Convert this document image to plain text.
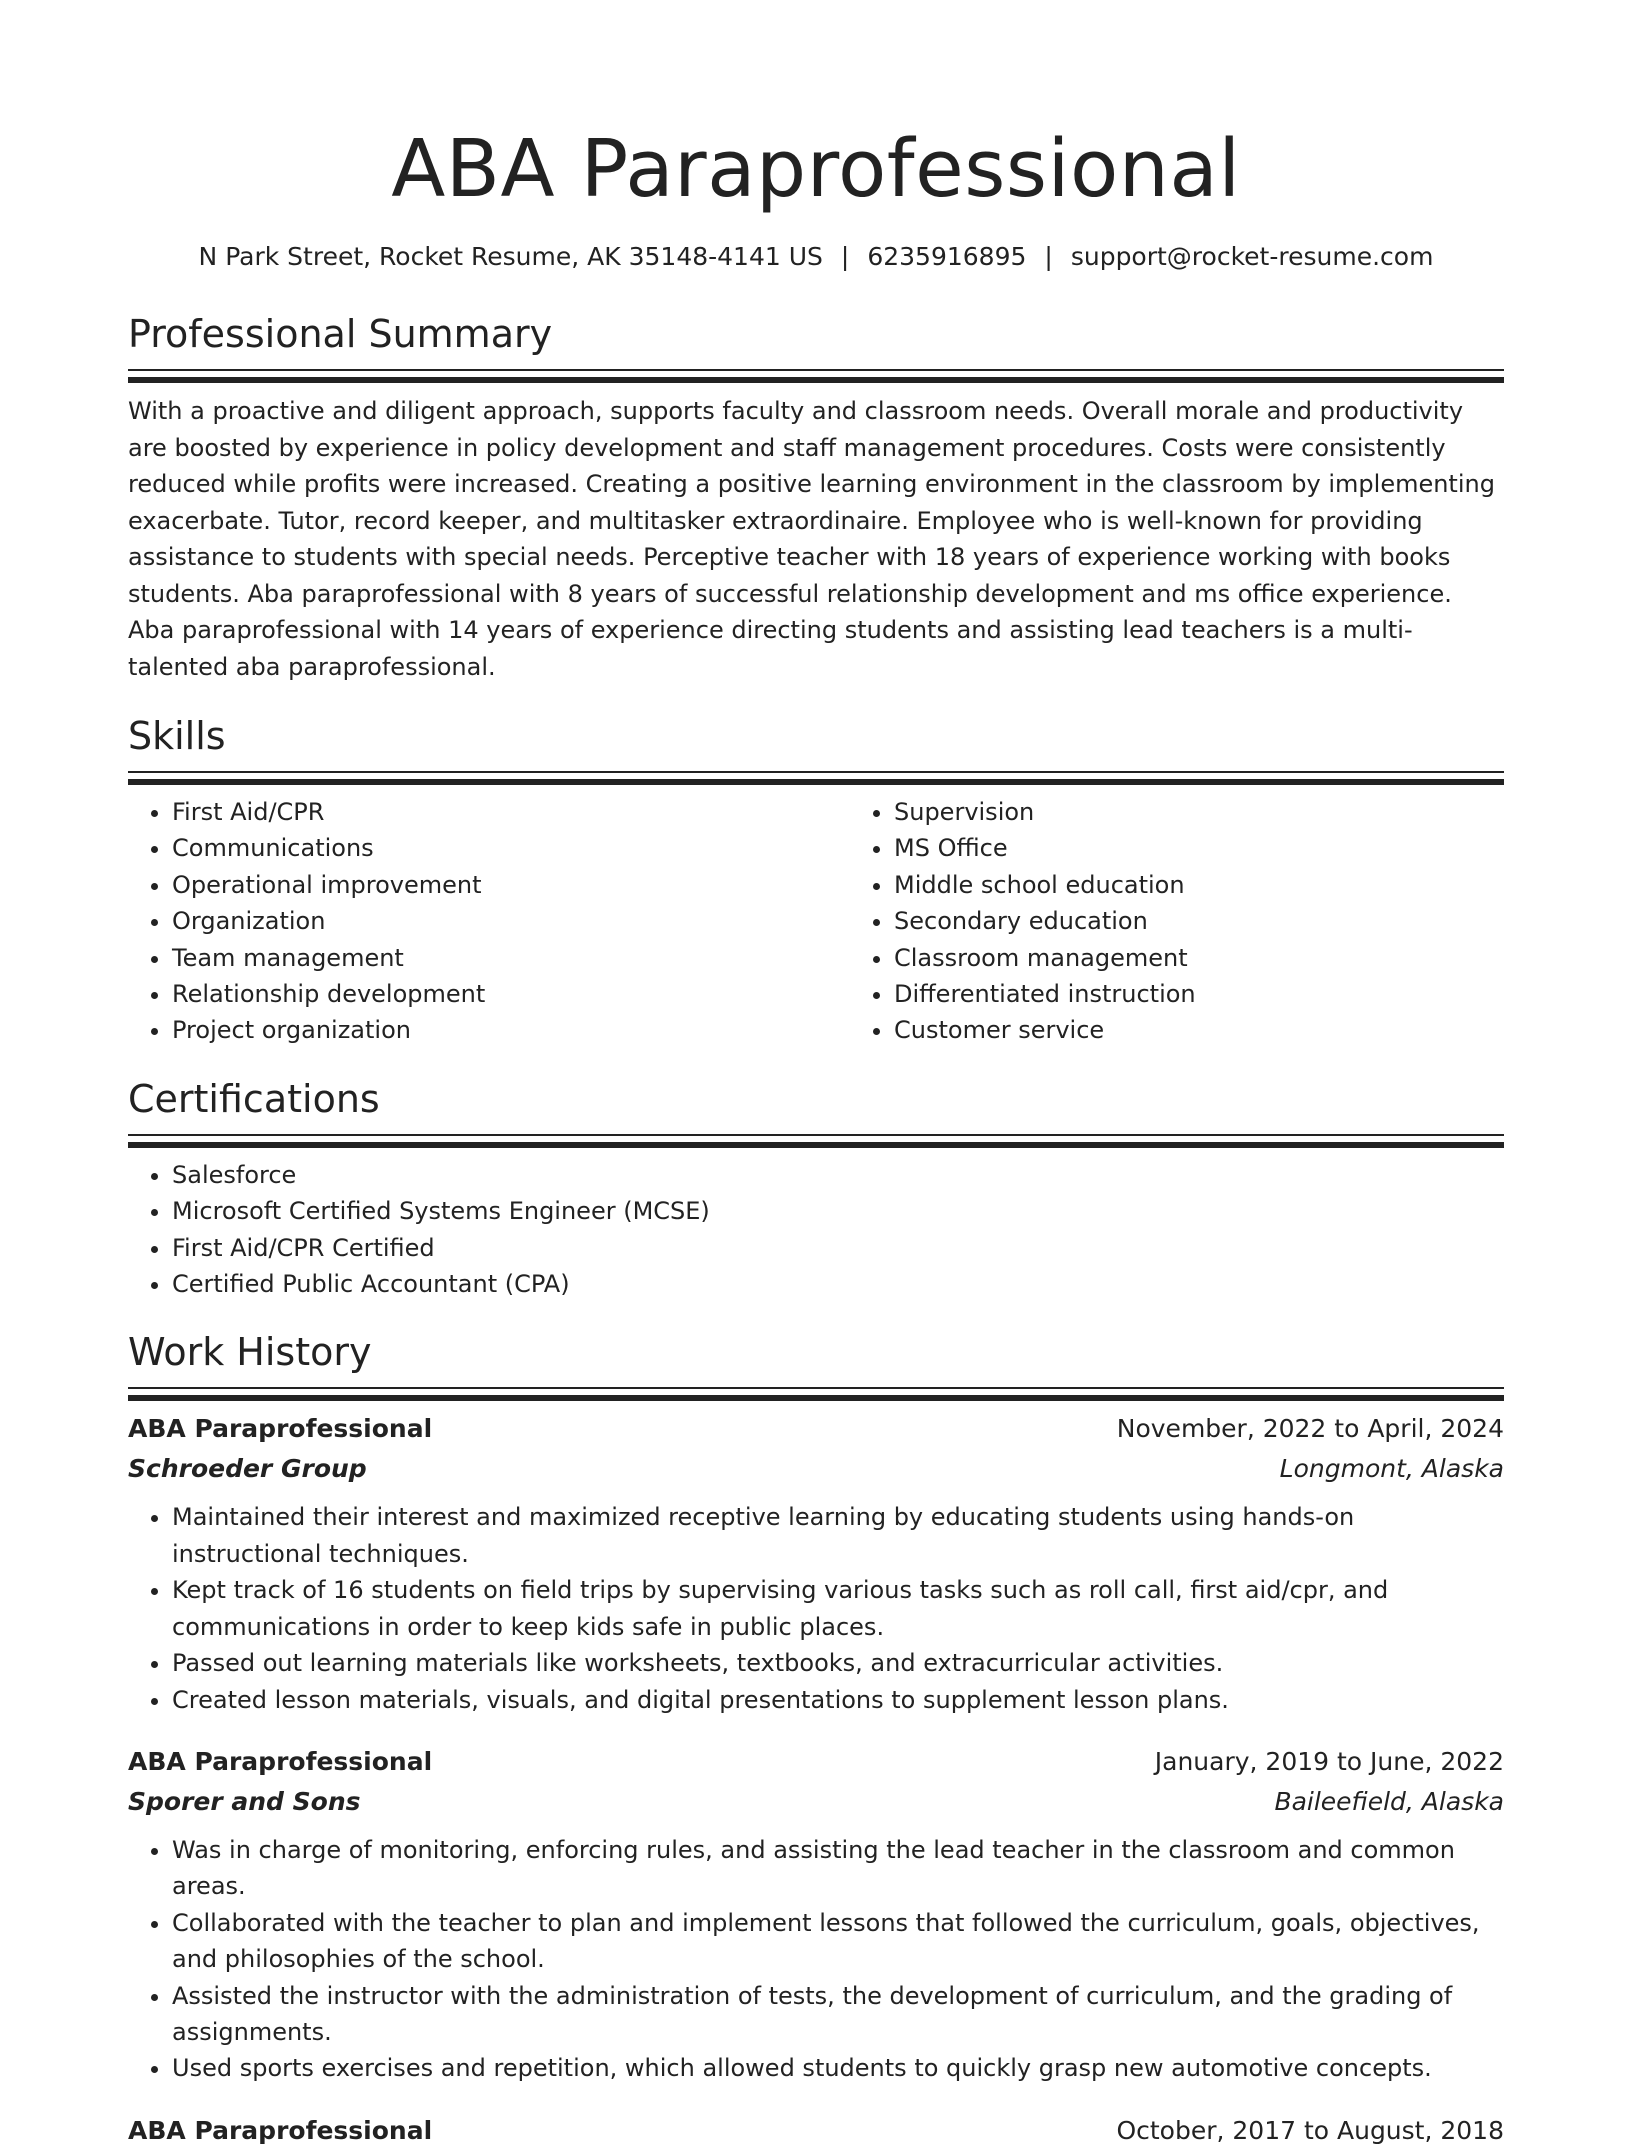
ABA Paraprofessional
N Park Street, Rocket Resume, AK 35148-4141 US | 6235916895 | support@rocket-resume.com
Professional Summary

With a proactive and diligent approach, supports faculty and classroom needs. Overall morale and productivity are boosted by experience in policy development and staff management procedures. Costs were consistently reduced while profits were increased. Creating a positive learning environment in the classroom by implementing exacerbate. Tutor, record keeper, and multitasker extraordinaire. Employee who is well-known for providing assistance to students with special needs. Perceptive teacher with 18 years of experience working with books students. Aba paraprofessional with 8 years of successful relationship development and ms office experience. Aba paraprofessional with 14 years of experience directing students and assisting lead teachers is a multi-talented aba paraprofessional.

Skills
• First Aid/CPR
• Communications
• Operational improvement
• Organization
• Team management
• Relationship development
• Project organization
• Supervision
• MS Office
• Middle school education
• Secondary education
• Classroom management
• Differentiated instruction
• Customer service
Certifications
• Salesforce
• Microsoft Certified Systems Engineer (MCSE)
• First Aid/CPR Certified
• Certified Public Accountant (CPA)
Work History
ABA Paraprofessional	November, 2022 to April, 2024
Schroeder Group	Longmont, Alaska
• Maintained their interest and maximized receptive learning by educating students using hands-on instructional techniques.
• Kept track of 16 students on field trips by supervising various tasks such as roll call, first aid/cpr, and communications in order to keep kids safe in public places.
• Passed out learning materials like worksheets, textbooks, and extracurricular activities.
• Created lesson materials, visuals, and digital presentations to supplement lesson plans.
ABA Paraprofessional	January, 2019 to June, 2022
Sporer and Sons	Baileefield, Alaska
• Was in charge of monitoring, enforcing rules, and assisting the lead teacher in the classroom and common areas.
• Collaborated with the teacher to plan and implement lessons that followed the curriculum, goals, objectives, and philosophies of the school.
• Assisted the instructor with the administration of tests, the development of curriculum, and the grading of assignments.
• Used sports exercises and repetition, which allowed students to quickly grasp new automotive concepts.
ABA Paraprofessional	October, 2017 to August, 2018
